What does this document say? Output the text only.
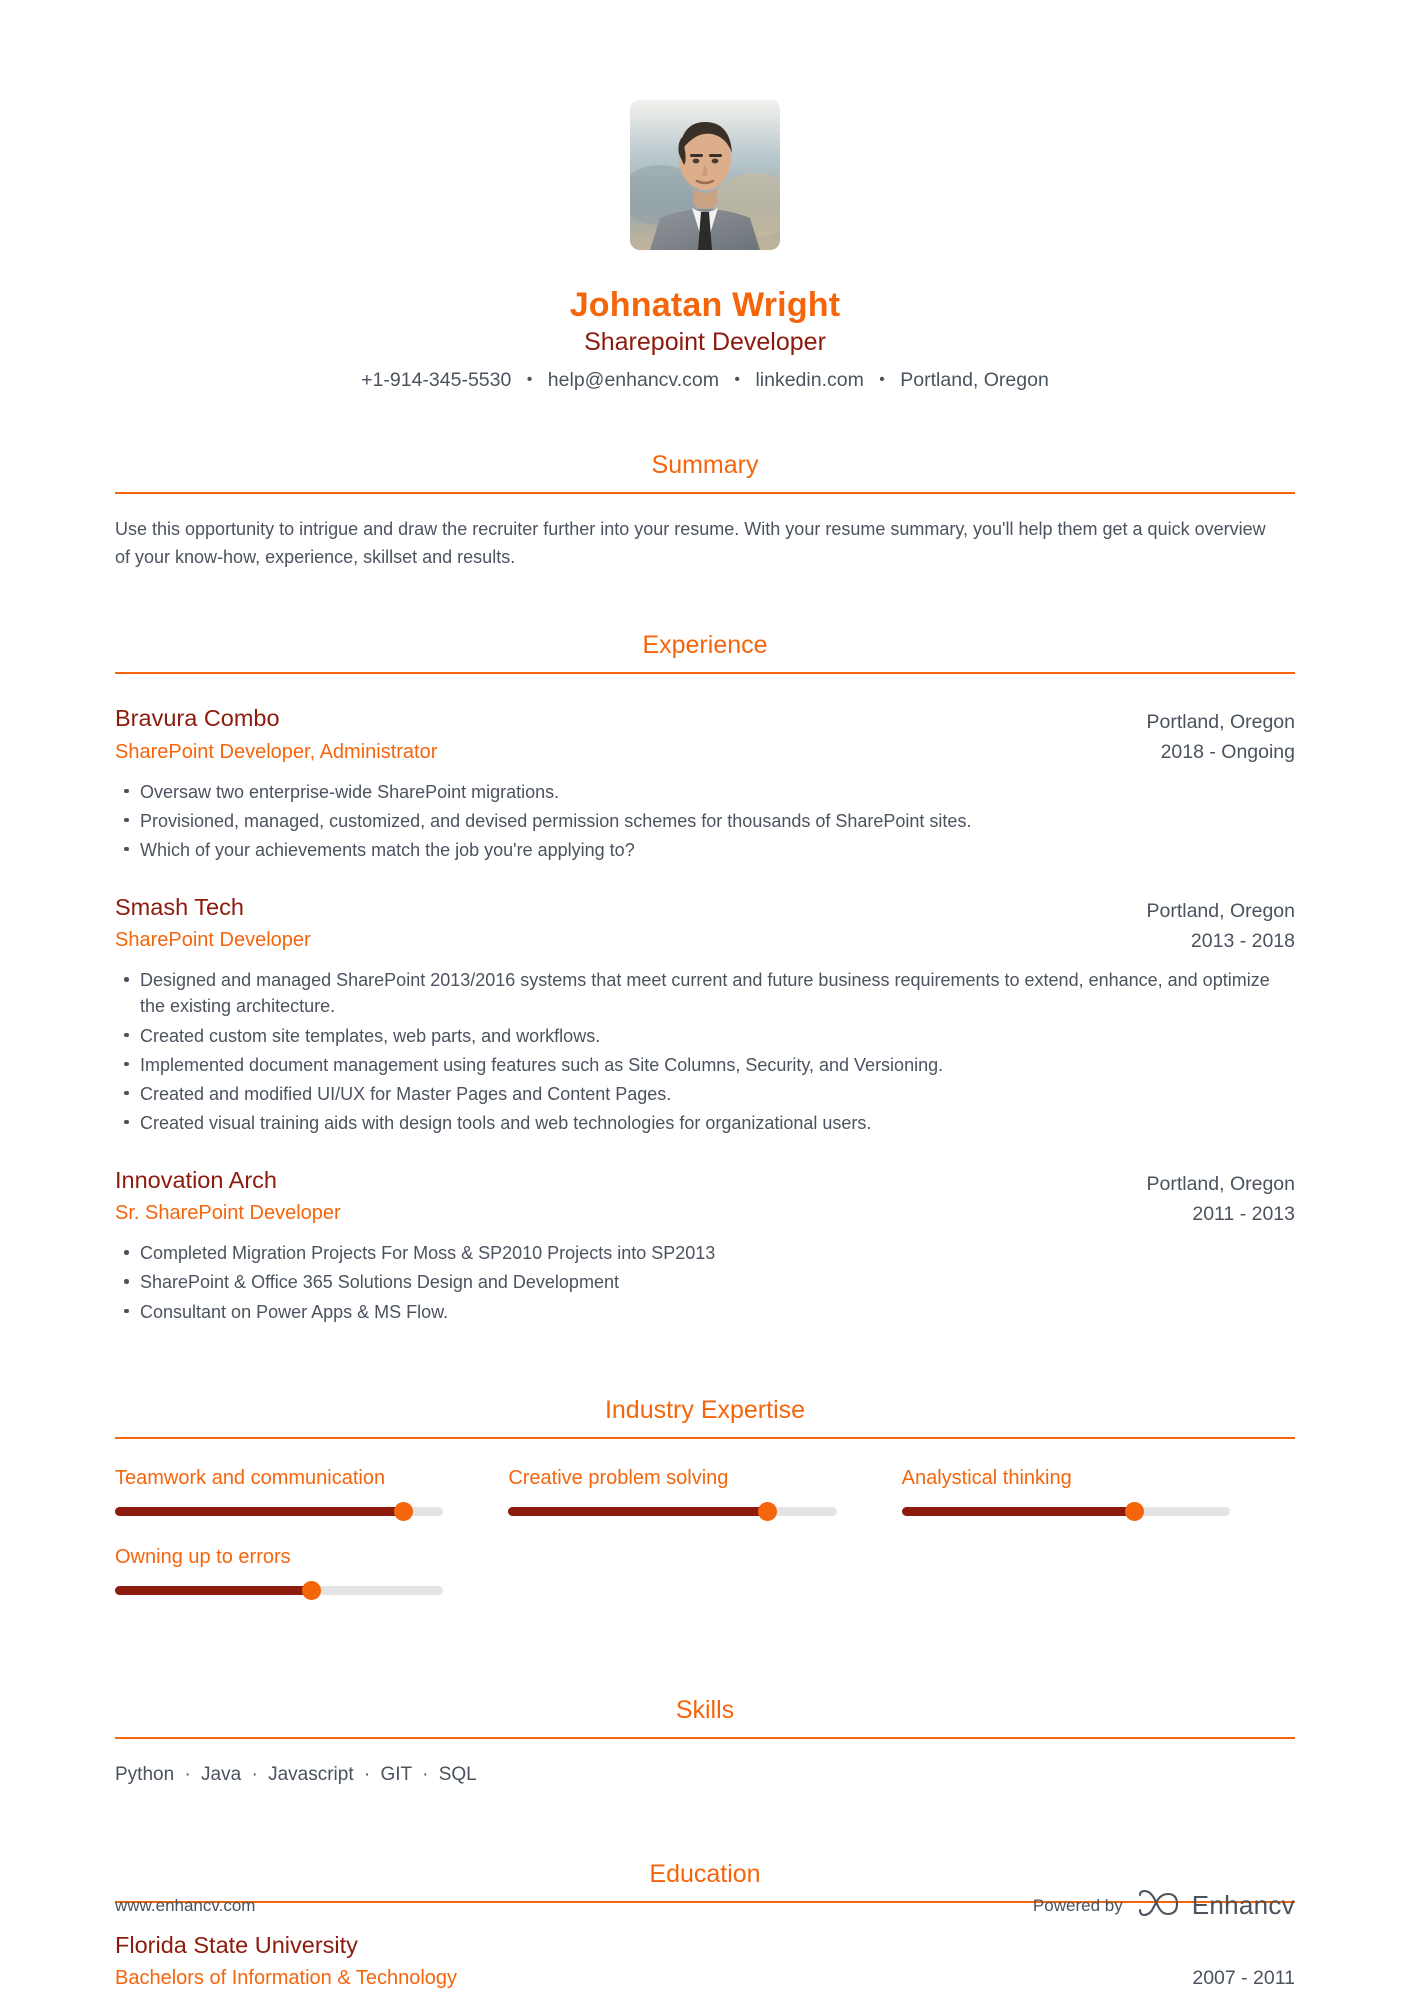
Johnatan Wright
Sharepoint Developer
+1-914-345-5530 • help@enhancv.com • linkedin.com • Portland, Oregon
Summary
Use this opportunity to intrigue and draw the recruiter further into your resume. With your resume summary, you'll help them get a quick overview of your know-how, experience, skillset and results.
Experience
Bravura Combo
SharePoint Developer, Administrator
Portland, Oregon
2018 - Ongoing
Oversaw two enterprise-wide SharePoint migrations.
Provisioned, managed, customized, and devised permission schemes for thousands of SharePoint sites.
Which of your achievements match the job you're applying to?
Smash Tech
SharePoint Developer
Portland, Oregon
2013 - 2018
Designed and managed SharePoint 2013/2016 systems that meet current and future business requirements to extend, enhance, and optimize the existing architecture.
Created custom site templates, web parts, and workflows.
Implemented document management using features such as Site Columns, Security, and Versioning.
Created and modified UI/UX for Master Pages and Content Pages.
Created visual training aids with design tools and web technologies for organizational users.
Innovation Arch
Sr. SharePoint Developer
Portland, Oregon
2011 - 2013
Completed Migration Projects For Moss & SP2010 Projects into SP2013
SharePoint & Office 365 Solutions Design and Development
Consultant on Power Apps & MS Flow.
Industry Expertise
Teamwork and communication	Creative problem solving	Analystical thinking
Owning up to errors
Skills
Python · Java · Javascript · GIT · SQL
Education
Florida State University
Bachelors of Information & Technology	2007 - 2011
www.enhancv.com	Powered by	Enhancv
